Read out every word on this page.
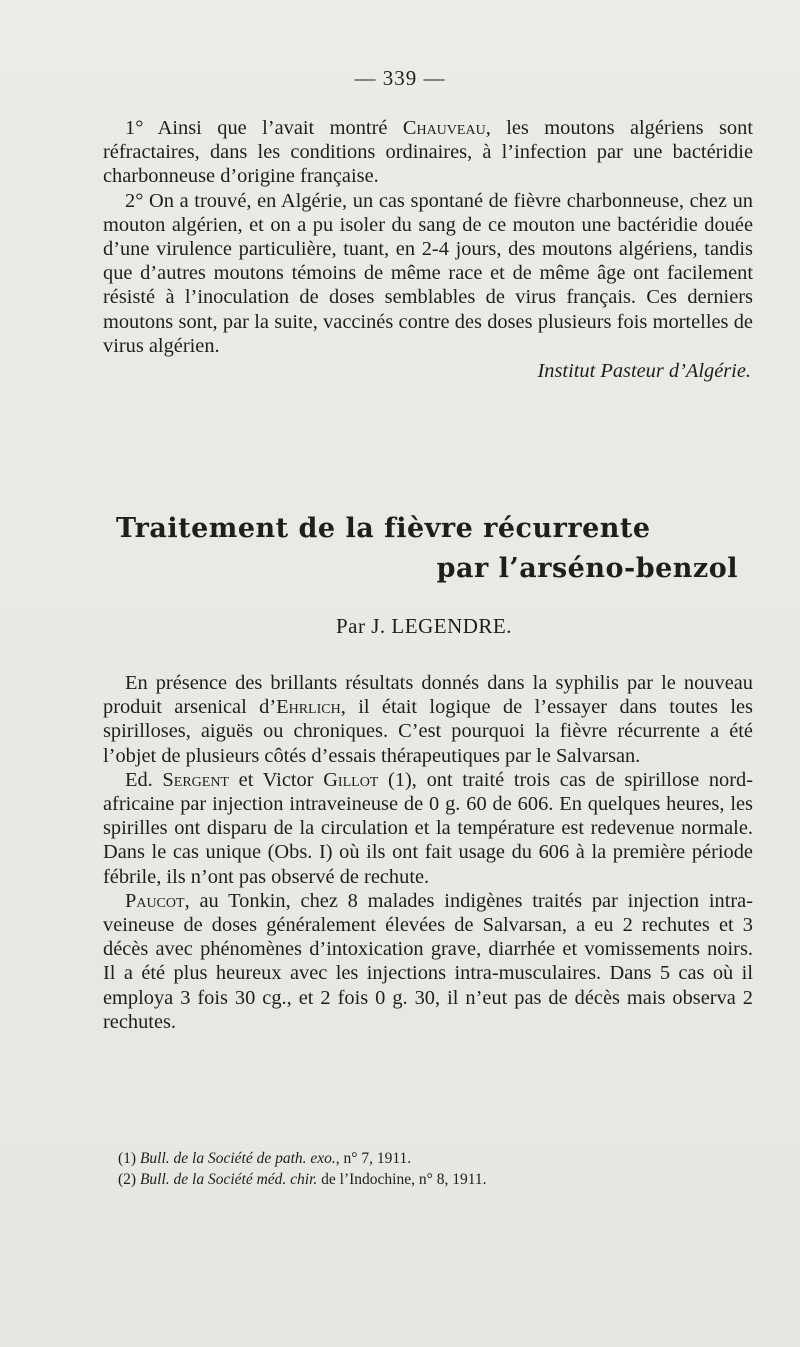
— 339 —

1° Ainsi que l’avait montré Chauveau, les moutons algériens sont réfractaires, dans les conditions ordinaires, à l’infection par une bactéridie charbonneuse d’origine française.

2° On a trouvé, en Algérie, un cas spontané de fièvre charbonneuse, chez un mouton algérien, et on a pu isoler du sang de ce mouton une bactéridie douée d’une virulence particulière, tuant, en 2-4 jours, des moutons algériens, tandis que d’autres moutons témoins de même race et de même âge ont facilement résisté à l’inoculation de doses semblables de virus français. Ces derniers moutons sont, par la suite, vaccinés contre des doses plusieurs fois mortelles de virus algérien.

Institut Pasteur d’Algérie.
Traitement de la fièvre récurrente
par l’arséno-benzol
Par J. LEGENDRE.

En présence des brillants résultats donnés dans la syphilis par le nouveau produit arsenical d’Ehrlich, il était logique de l’essayer dans toutes les spirilloses, aiguës ou chroniques. C’est pourquoi la fièvre récurrente a été l’objet de plusieurs côtés d’essais thérapeutiques par le Salvarsan.

Ed. Sergent et Victor Gillot (1), ont traité trois cas de spirillose nord-africaine par injection intraveineuse de 0 g. 60 de 606. En quelques heures, les spirilles ont disparu de la circulation et la température est redevenue normale. Dans le cas unique (Obs. I) où ils ont fait usage du 606 à la première période fébrile, ils n’ont pas observé de rechute.

Paucot, au Tonkin, chez 8 malades indigènes traités par injection intra-veineuse de doses généralement élevées de Salvarsan, a eu 2 rechutes et 3 décès avec phénomènes d’intoxication grave, diarrhée et vomissements noirs. Il a été plus heureux avec les injections intra-musculaires. Dans 5 cas où il employa 3 fois 30 cg., et 2 fois 0 g. 30, il n’eut pas de décès mais observa 2 rechutes.

(1) Bull. de la Société de path. exo., n° 7, 1911.
(2) Bull. de la Société méd. chir. de l’Indochine, n° 8, 1911.
